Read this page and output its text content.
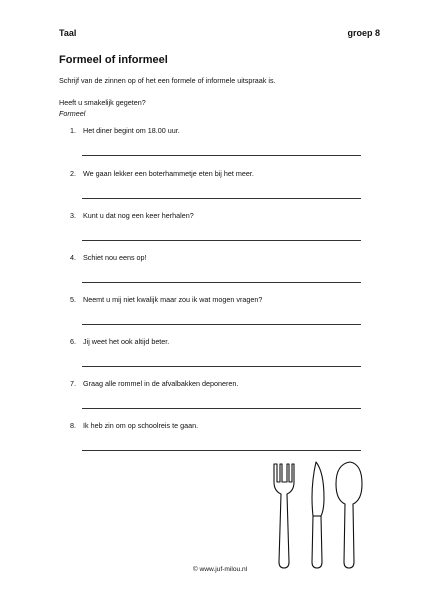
Taal	groep 8
Formeel of informeel
Schrijf van de zinnen op of het een formele of informele uitspraak is.
Heeft u smakelijk gegeten?
Formeel
1. Het diner begint om 18.00 uur.
2. We gaan lekker een boterhammetje eten bij het meer.
3. Kunt u dat nog een keer herhalen?
4. Schiet nou eens op!
5. Neemt u mij niet kwalijk maar zou ik wat mogen vragen?
6. Jij weet het ook altijd beter.
7. Graag alle rommel in de afvalbakken deponeren.
8. Ik heb zin om op schoolreis te gaan.
© www.juf-milou.nl
